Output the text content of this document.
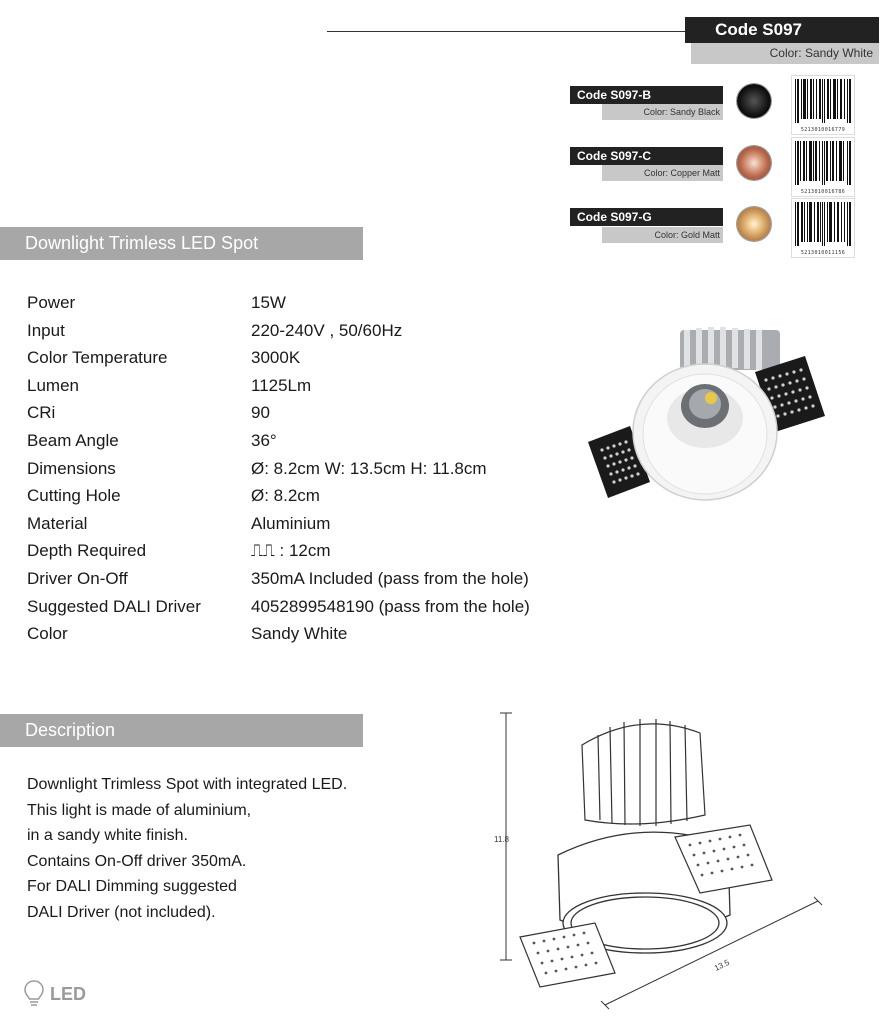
Code S097
Color: Sandy White
Code S097-B
Color: Sandy Black
5213010016779
Code S097-C
Color: Copper Matt
5213010016786
Code S097-G
Color: Gold Matt
5213010011156
Downlight Trimless LED Spot
Power	15W
Input	220-240V , 50/60Hz
Color Temperature	3000K
Lumen	1125Lm
CRi	90
Beam Angle	36°
Dimensions	Ø: 8.2cm W: 13.5cm H: 11.8cm
Cutting Hole	Ø: 8.2cm
Material	Aluminium
Depth Required	⎍⎍ : 12cm
Driver On-Off	350mA Included (pass from the hole)
Suggested DALI Driver	4052899548190 (pass from the hole)
Color	Sandy White
Description
Downlight Trimless Spot with integrated LED.
This light is made of aluminium,
in a sandy white finish.
Contains On-Off driver 350mA.
For DALI Dimming suggested
DALI Driver (not included).
11.8
13.5
LED
